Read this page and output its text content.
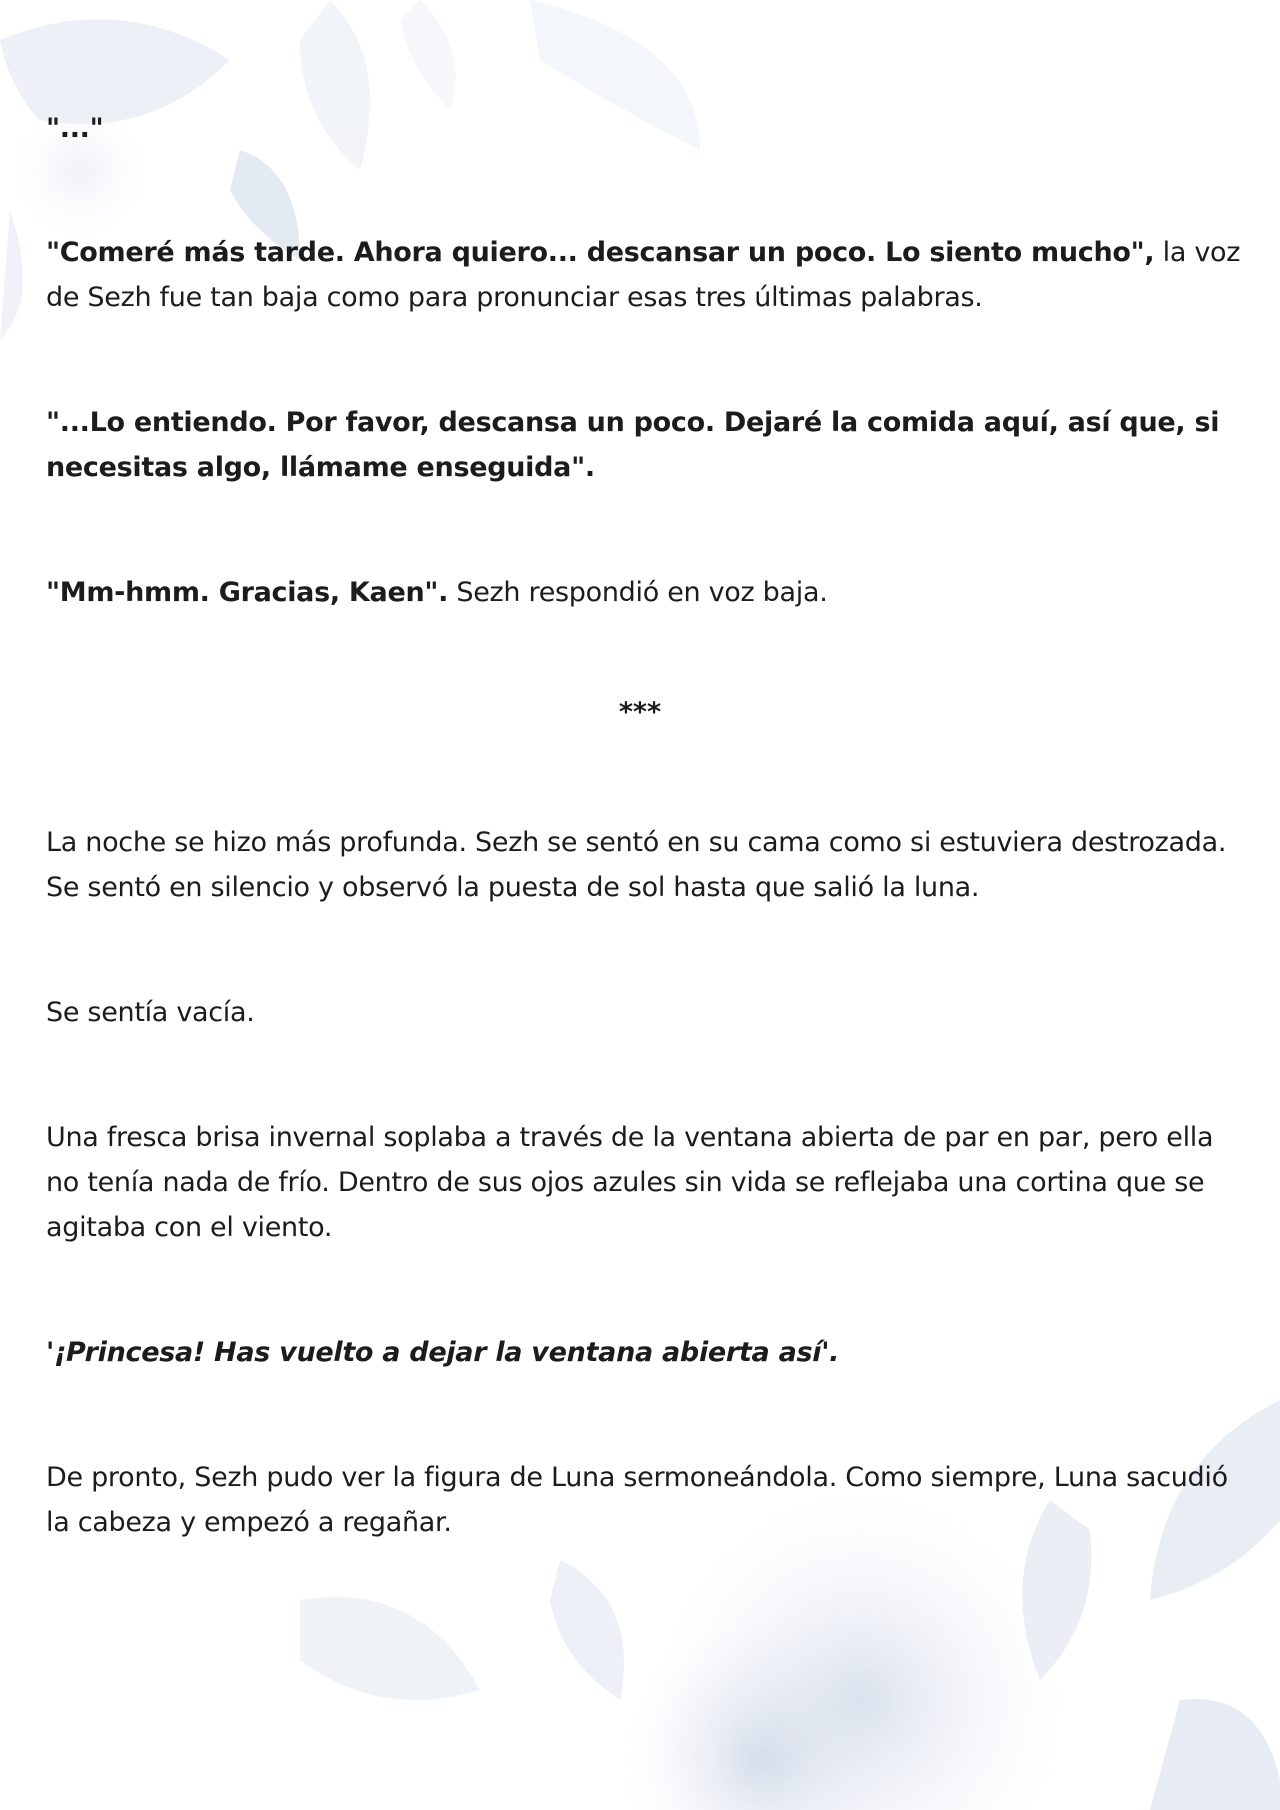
"..."

"Comeré más tarde. Ahora quiero... descansar un poco. Lo siento mucho", la voz de Sezh fue tan baja como para pronunciar esas tres últimas palabras.

"...Lo entiendo. Por favor, descansa un poco. Dejaré la comida aquí, así que, si necesitas algo, llámame enseguida".

"Mm-hmm. Gracias, Kaen". Sezh respondió en voz baja.

***

La noche se hizo más profunda. Sezh se sentó en su cama como si estuviera destrozada. Se sentó en silencio y observó la puesta de sol hasta que salió la luna.

Se sentía vacía.

Una fresca brisa invernal soplaba a través de la ventana abierta de par en par, pero ella no tenía nada de frío. Dentro de sus ojos azules sin vida se reflejaba una cortina que se agitaba con el viento.

'¡Princesa! Has vuelto a dejar la ventana abierta así'.

De pronto, Sezh pudo ver la figura de Luna sermoneándola. Como siempre, Luna sacudió la cabeza y empezó a regañar.
